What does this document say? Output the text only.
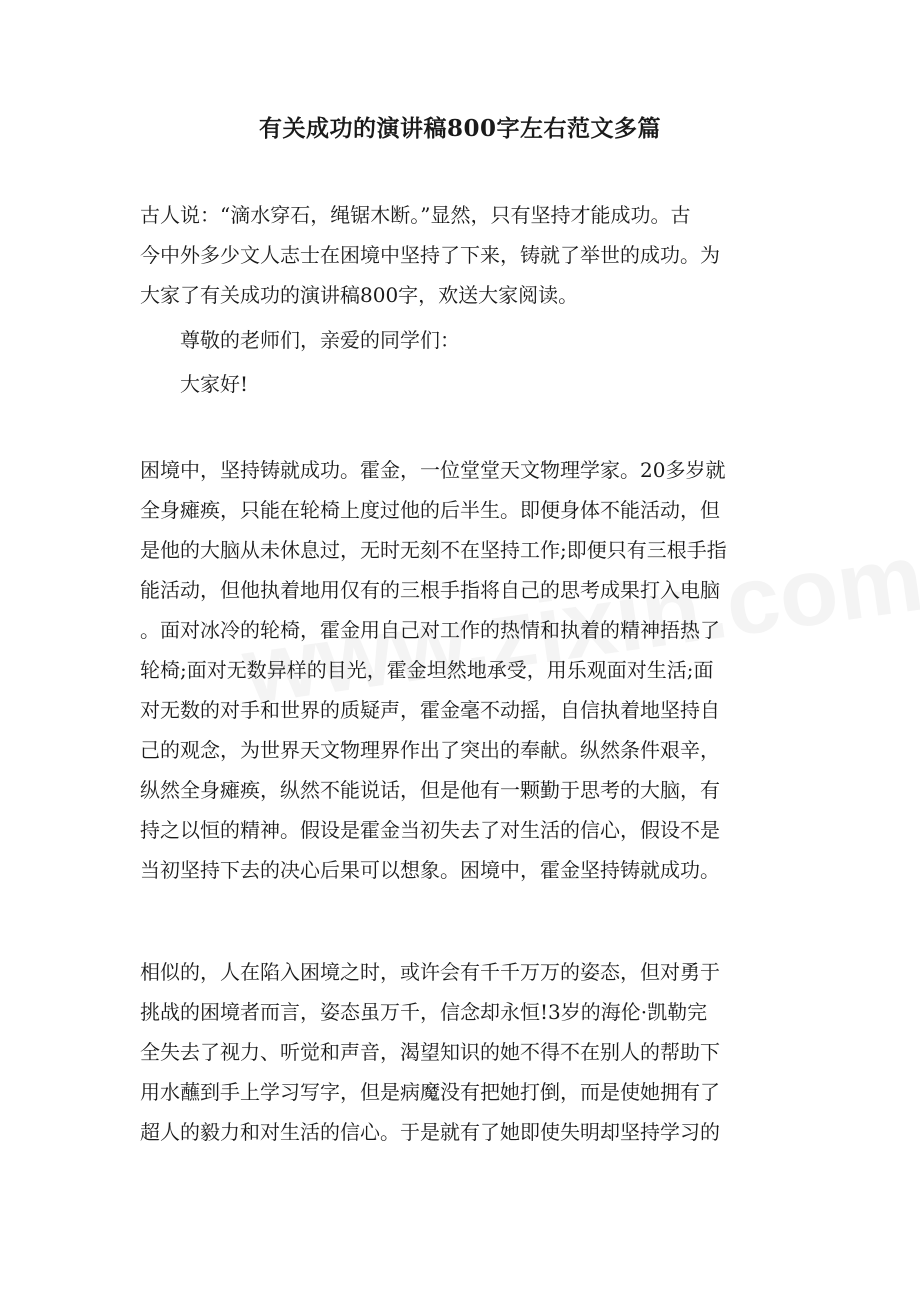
有关成功的演讲稿800字左右范文多篇

古人说：“滴水穿石，绳锯木断。”显然，只有坚持才能成功。古

今中外多少文人志士在困境中坚持了下来，铸就了举世的成功。为

大家了有关成功的演讲稿800字，欢送大家阅读。

尊敬的老师们，亲爱的同学们：

大家好!

困境中，坚持铸就成功。霍金，一位堂堂天文物理学家。20多岁就

全身瘫痪，只能在轮椅上度过他的后半生。即便身体不能活动，但

是他的大脑从未休息过，无时无刻不在坚持工作;即便只有三根手指

能活动，但他执着地用仅有的三根手指将自己的思考成果打入电脑

。面对冰冷的轮椅，霍金用自己对工作的热情和执着的精神捂热了

轮椅;面对无数异样的目光，霍金坦然地承受，用乐观面对生活;面

对无数的对手和世界的质疑声，霍金毫不动摇，自信执着地坚持自

己的观念，为世界天文物理界作出了突出的奉献。纵然条件艰辛，

纵然全身瘫痪，纵然不能说话，但是他有一颗勤于思考的大脑，有

持之以恒的精神。假设是霍金当初失去了对生活的信心，假设不是

当初坚持下去的决心后果可以想象。困境中，霍金坚持铸就成功。

相似的，人在陷入困境之时，或许会有千千万万的姿态，但对勇于

挑战的困境者而言，姿态虽万千，信念却永恒!3岁的海伦·凯勒完

全失去了视力、听觉和声音，渴望知识的她不得不在别人的帮助下

用水蘸到手上学习写字，但是病魔没有把她打倒，而是使她拥有了

超人的毅力和对生活的信心。于是就有了她即使失明却坚持学习的
